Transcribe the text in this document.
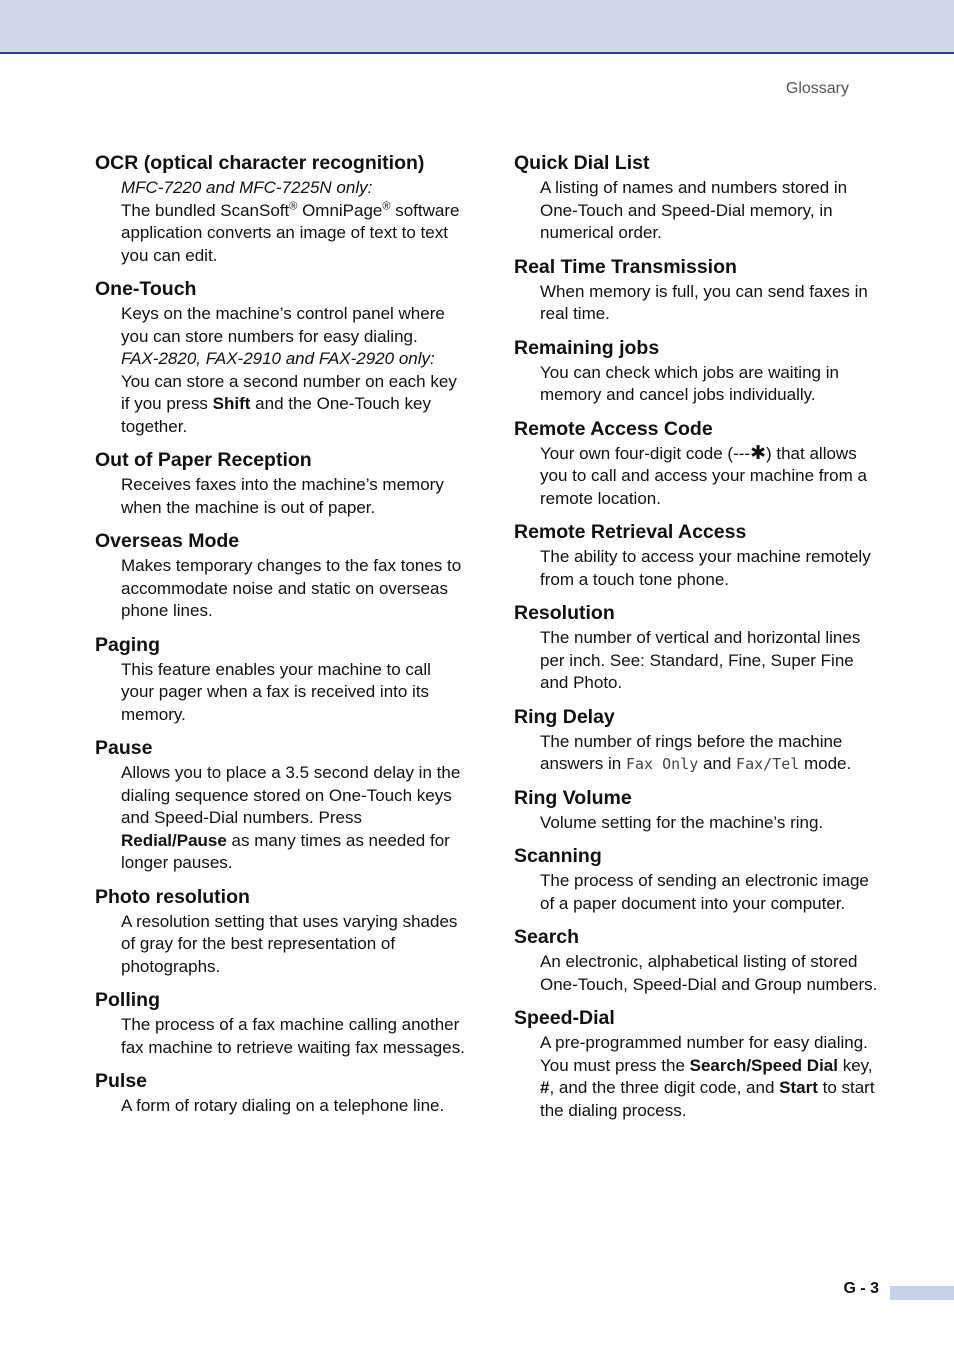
Glossary
OCR (optical character recognition)

MFC-7220 and MFC-7225N only:

The bundled ScanSoft® OmniPage® software application converts an image of text to text you can edit.

One-Touch

Keys on the machine’s control panel where you can store numbers for easy dialing.

FAX-2820, FAX-2910 and FAX-2920 only:

You can store a second number on each key if you press Shift and the One-Touch key together.

Out of Paper Reception
Receives faxes into the machine’s memory when the machine is out of paper.
Overseas Mode
Makes temporary changes to the fax tones to accommodate noise and static on overseas phone lines.
Paging
This feature enables your machine to call your pager when a fax is received into its memory.
Pause

Allows you to place a 3.5 second delay in the dialing sequence stored on One-Touch keys and Speed-Dial numbers. Press Redial/Pause as many times as needed for longer pauses.

Photo resolution
A resolution setting that uses varying shades of gray for the best representation of photographs.
Polling
The process of a fax machine calling another fax machine to retrieve waiting fax messages.
Pulse
A form of rotary dialing on a telephone line.
Quick Dial List
A listing of names and numbers stored in One-Touch and Speed-Dial memory, in numerical order.
Real Time Transmission
When memory is full, you can send faxes in real time.
Remaining jobs
You can check which jobs are waiting in memory and cancel jobs individually.
Remote Access Code

Your own four-digit code (---✱) that allows you to call and access your machine from a remote location.

Remote Retrieval Access
The ability to access your machine remotely from a touch tone phone.
Resolution
The number of vertical and horizontal lines per inch. See: Standard, Fine, Super Fine and Photo.
Ring Delay

The number of rings before the machine answers in Fax Only and Fax/Tel mode.

Ring Volume
Volume setting for the machine’s ring.
Scanning
The process of sending an electronic image of a paper document into your computer.
Search
An electronic, alphabetical listing of stored One-Touch, Speed-Dial and Group numbers.
Speed-Dial

A pre-programmed number for easy dialing. You must press the Search/Speed Dial key, #, and the three digit code, and Start to start the dialing process.

G - 3
